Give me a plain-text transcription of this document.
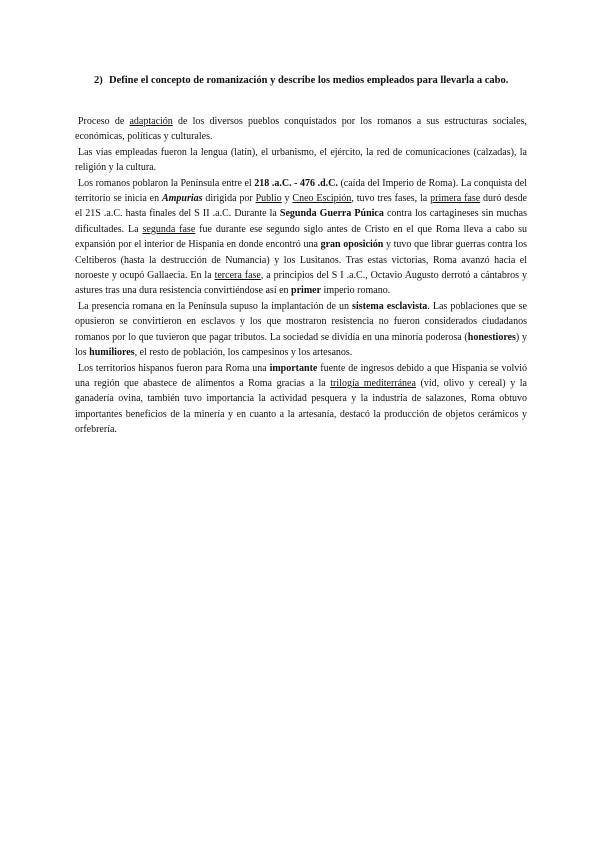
2) Define el concepto de romanización y describe los medios empleados para llevarla a cabo.

Proceso de adaptación de los diversos pueblos conquistados por los romanos a sus estructuras sociales, económicas, políticas y culturales.

Las vías empleadas fueron la lengua (latín), el urbanismo, el ejército, la red de comunicaciones (calzadas), la religión y la cultura.

Los romanos poblaron la Península entre el 218 .a.C. - 476 .d.C. (caída del Imperio de Roma). La conquista del territorio se inicia en Ampurias dirigida por Publio y Cneo Escipión, tuvo tres fases, la primera fase duró desde el 21S .a.C. hasta finales del S II .a.C. Durante la Segunda Guerra Púnica contra los cartagineses sin muchas dificultades. La segunda fase fue durante ese segundo siglo antes de Cristo en el que Roma lleva a cabo su expansión por el interior de Hispania en donde encontró una gran oposición y tuvo que librar guerras contra los Celtiberos (hasta la destrucción de Numancia) y los Lusitanos. Tras estas victorias, Roma avanzó hacia el noroeste y ocupó Gallaecia. En la tercera fase, a principios del S I .a.C., Octavio Augusto derrotó a cántabros y astures tras una dura resistencia convirtiéndose así en primer imperio romano.

La presencia romana en la Península supuso la implantación de un sistema esclavista. Las poblaciones que se opusieron se convirtieron en esclavos y los que mostraron resistencia no fueron considerados ciudadanos romanos por lo que tuvieron que pagar tributos. La sociedad se dividía en una minoría poderosa (honestiores) y los humiliores, el resto de población, los campesinos y los artesanos.

Los territorios hispanos fueron para Roma una importante fuente de ingresos debido a que Hispania se volvió una región que abastece de alimentos a Roma gracias a la trilogía mediterránea (vid, olivo y cereal) y la ganadería ovina, también tuvo importancia la actividad pesquera y la industria de salazones, Roma obtuvo importantes beneficios de la minería y en cuanto a la artesanía, destacó la producción de objetos cerámicos y orfebrería.
